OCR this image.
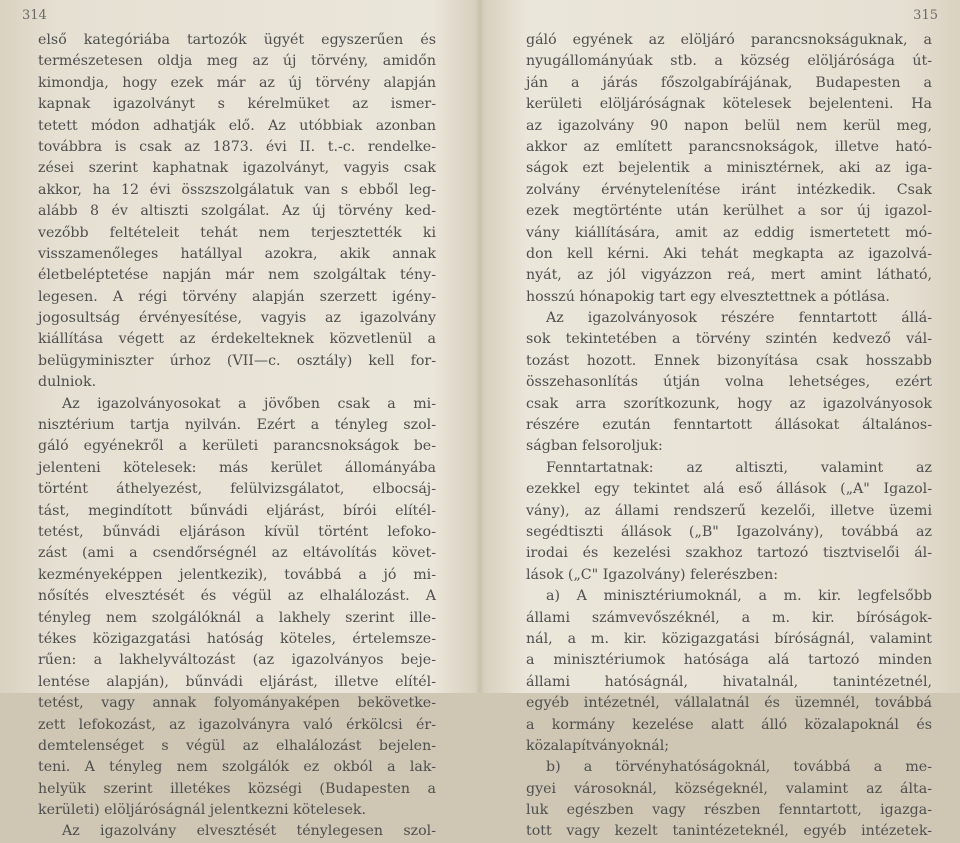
314
első kategóriába tartozók ügyét egyszerűen és
természetesen oldja meg az új törvény, amidőn
kimondja, hogy ezek már az új törvény alapján
kapnak igazolványt s kérelmüket az ismer-
tetett módon adhatják elő. Az utóbbiak azonban
továbbra is csak az 1873. évi II. t.-c. rendelke-
zései szerint kaphatnak igazolványt, vagyis csak
akkor, ha 12 évi összszolgálatuk van s ebből leg-
alább 8 év altiszti szolgálat. Az új törvény ked-
vezőbb feltételeit tehát nem terjesztették ki
visszamenőleges hatállyal azokra, akik annak
életbeléptetése napján már nem szolgáltak tény-
legesen. A régi törvény alapján szerzett igény-
jogosultság érvényesítése, vagyis az igazolvány
kiállítása végett az érdekelteknek közvetlenül a
belügyminiszter úrhoz (VII—c. osztály) kell for-
dulniok.
Az igazolványosokat a jövőben csak a mi-
nisztérium tartja nyilván. Ezért a tényleg szol-
gáló egyénekről a kerületi parancsnokságok be-
jelenteni kötelesek: más kerület állományába
történt áthelyezést, felülvizsgálatot, elbocsáj-
tást, megindított bűnvádi eljárást, bírói elítél-
tetést, bűnvádi eljáráson kívül történt lefoko-
zást (ami a csendőrségnél az eltávolítás követ-
kezményeképpen jelentkezik), továbbá a jó mi-
nősítés elvesztését és végül az elhalálozást. A
tényleg nem szolgálóknál a lakhely szerint ille-
tékes közigazgatási hatóság köteles, értelemsze-
rűen: a lakhelyváltozást (az igazolványos beje-
lentése alapján), bűnvádi eljárást, illetve elítél-
tetést, vagy annak folyományaképen bekövetke-
zett lefokozást, az igazolványra való érkölcsi ér-
demtelenséget s végül az elhalálozást bejelen-
teni. A tényleg nem szolgálók ez okból a lak-
helyük szerint illetékes községi (Budapesten a
kerületi) elöljáróságnál jelentkezni kötelesek.
Az igazolvány elvesztését ténylegesen szol-
315
gáló egyének az elöljáró parancsnokságuknak, a
nyugállományúak stb. a község elöljárósága út-
ján a járás főszolgabírájának, Budapesten a
kerületi elöljáróságnak kötelesek bejelenteni. Ha
az igazolvány 90 napon belül nem kerül meg,
akkor az említett parancsnokságok, illetve ható-
ságok ezt bejelentik a minisztérnek, aki az iga-
zolvány érvénytelenítése iránt intézkedik. Csak
ezek megtörténte után kerülhet a sor új igazol-
vány kiállítására, amit az eddig ismertetett mó-
don kell kérni. Aki tehát megkapta az igazolvá-
nyát, az jól vigyázzon reá, mert amint látható,
hosszú hónapokig tart egy elvesztettnek a pótlása.
Az igazolványosok részére fenntartott állá-
sok tekintetében a törvény szintén kedvező vál-
tozást hozott. Ennek bizonyítása csak hosszabb
összehasonlítás útján volna lehetséges, ezért
csak arra szorítkozunk, hogy az igazolványosok
részére ezután fenntartott állásokat általános-
ságban felsoroljuk:
Fenntartatnak: az altiszti, valamint az
ezekkel egy tekintet alá eső állások („A" Igazol-
vány), az állami rendszerű kezelői, illetve üzemi
segédtiszti állások („B" Igazolvány), továbbá az
irodai és kezelési szakhoz tartozó tisztviselői ál-
lások („C" Igazolvány) felerészben:
a) A minisztériumoknál, a m. kir. legfelsőbb
állami számvevőszéknél, a m. kir. bíróságok-
nál, a m. kir. közigazgatási bíróságnál, valamint
a minisztériumok hatósága alá tartozó minden
állami hatóságnál, hivatalnál, tanintézetnél,
egyéb intézetnél, vállalatnál és üzemnél, továbbá
a kormány kezelése alatt álló közalapoknál és
közalapítványoknál;
b) a törvényhatóságoknál, továbbá a me-
gyei városoknál, községeknél, valamint az álta-
luk egészben vagy részben fenntartott, igazga-
tott vagy kezelt tanintézeteknél, egyéb intézetek-
